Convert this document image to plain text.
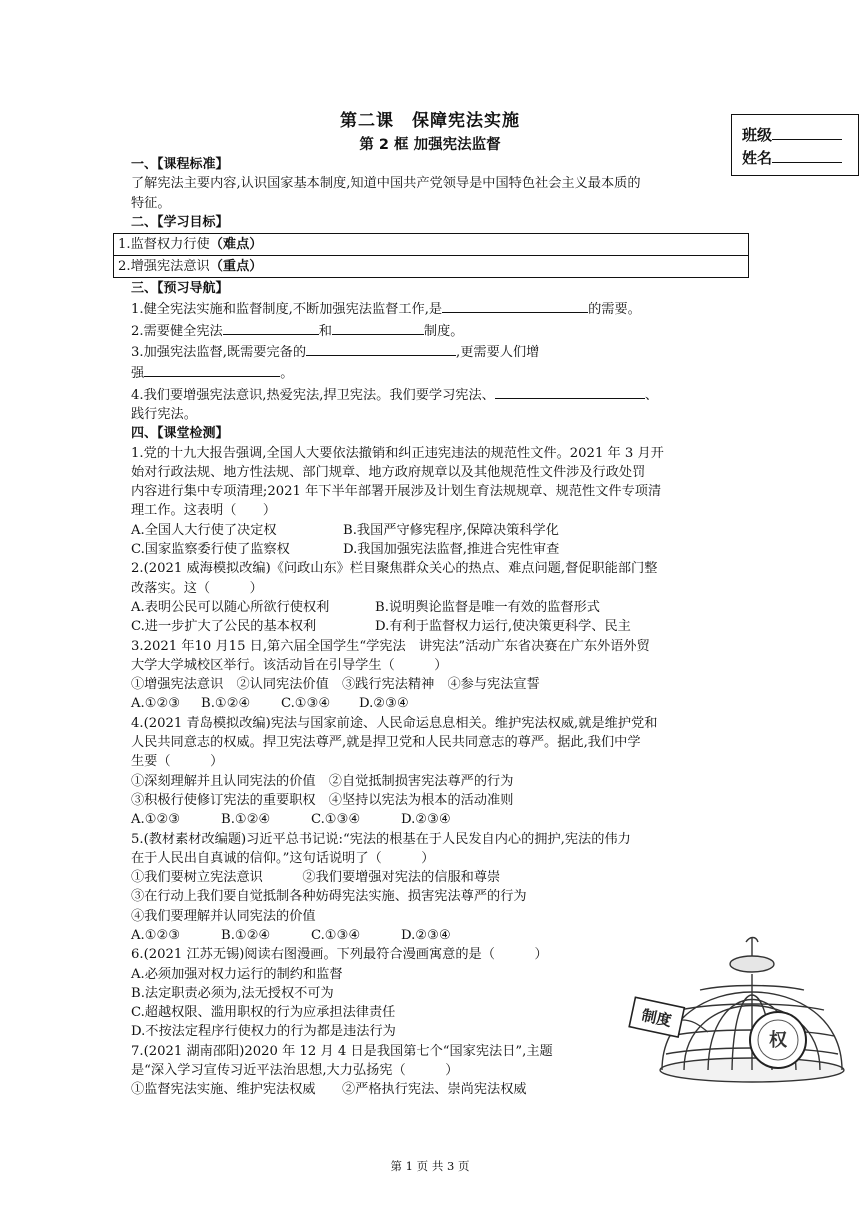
第二课　保障宪法实施
第 2 框 加强宪法监督
班级
姓名
一、【课程标准】
了解宪法主要内容,认识国家基本制度,知道中国共产党领导是中国特色社会主义最本质的
特征。
二、【学习目标】
1.监督权力行使（难点）
2.增强宪法意识（重点）
三、【预习导航】
1.健全宪法实施和监督制度,不断加强宪法监督工作,是	的需要。
2.需要健全宪法	和	制度。
3.加强宪法监督,既需要完备的	,更需要人们增
强	。
4.我们要增强宪法意识,热爱宪法,捍卫宪法。我们要学习宪法、	、
践行宪法。
四、【课堂检测】
1.党的十九大报告强调,全国人大要依法撤销和纠正违宪违法的规范性文件。2021 年 3 月开
始对行政法规、地方性法规、部门规章、地方政府规章以及其他规范性文件涉及行政处罚
内容进行集中专项清理;2021 年下半年部署开展涉及计划生育法规规章、规范性文件专项清
理工作。这表明（　　）
A.全国人大行使了决定权	B.我国严守修宪程序,保障决策科学化
C.国家监察委行使了监察权	D.我国加强宪法监督,推进合宪性审查
2.(2021 威海模拟改编)《问政山东》栏目聚焦群众关心的热点、难点问题,督促职能部门整
改落实。这（　　　）
A.表明公民可以随心所欲行使权利	B.说明舆论监督是唯一有效的监督形式
C.进一步扩大了公民的基本权利	D.有利于监督权力运行,使决策更科学、民主
3.2021 年10 月15 日,第六届全国学生“学宪法　讲宪法”活动广东省决赛在广东外语外贸
大学大学城校区举行。该活动旨在引导学生（　　　）
①增强宪法意识　②认同宪法价值　③践行宪法精神　④参与宪法宣誓
A.①②③	B.①②④	C.①③④	D.②③④
4.(2021 青岛模拟改编)宪法与国家前途、人民命运息息相关。维护宪法权威,就是维护党和
人民共同意志的权威。捍卫宪法尊严,就是捍卫党和人民共同意志的尊严。据此,我们中学
生要（　　　）
①深刻理解并且认同宪法的价值　②自觉抵制损害宪法尊严的行为
③积极行使修订宪法的重要职权　④坚持以宪法为根本的活动准则
A.①②③	B.①②④	C.①③④	D.②③④
5.(教材素材改编题)习近平总书记说:“宪法的根基在于人民发自内心的拥护,宪法的伟力
在于人民出自真诚的信仰。”这句话说明了（　　　）
①我们要树立宪法意识　　　②我们要增强对宪法的信服和尊崇
③在行动上我们要自觉抵制各种妨碍宪法实施、损害宪法尊严的行为
④我们要理解并认同宪法的价值
A.①②③	B.①②④	C.①③④	D.②③④
6.(2021 江苏无锡)阅读右图漫画。下列最符合漫画寓意的是（　　　）
A.必须加强对权力运行的制约和监督
B.法定职责必须为,法无授权不可为
C.超越权限、滥用职权的行为应承担法律责任
D.不按法定程序行使权力的行为都是违法行为
7.(2021 湖南邵阳)2020 年 12 月 4 日是我国第七个“国家宪法日”,主题
是“深入学习宣传习近平法治思想,大力弘扬宪（　　　）
①监督宪法实施、维护宪法权威　　②严格执行宪法、崇尚宪法权威
权
制度
第 1 页 共 3 页
